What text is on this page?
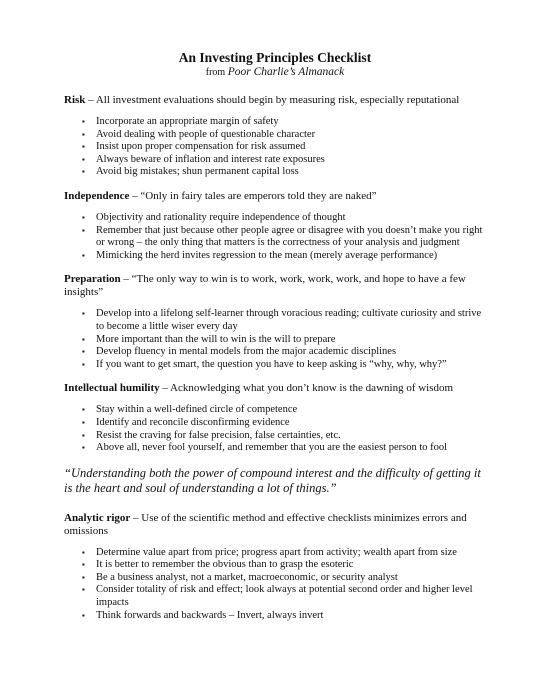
An Investing Principles Checklist
from Poor Charlie’s Almanack

Risk – All investment evaluations should begin by measuring risk, especially reputational

▪ Incorporate an appropriate margin of safety
▪ Avoid dealing with people of questionable character
▪ Insist upon proper compensation for risk assumed
▪ Always beware of inflation and interest rate exposures
▪ Avoid big mistakes; shun permanent capital loss

Independence – “Only in fairy tales are emperors told they are naked”

▪ Objectivity and rationality require independence of thought
▪ Remember that just because other people agree or disagree with you doesn’t make you right or wrong – the only thing that matters is the correctness of your analysis and judgment
▪ Mimicking the herd invites regression to the mean (merely average performance)

Preparation – “The only way to win is to work, work, work, work, and hope to have a few insights”

▪ Develop into a lifelong self-learner through voracious reading; cultivate curiosity and strive to become a little wiser every day
▪ More important than the will to win is the will to prepare
▪ Develop fluency in mental models from the major academic disciplines
▪ If you want to get smart, the question you have to keep asking is “why, why, why?”

Intellectual humility – Acknowledging what you don’t know is the dawning of wisdom

▪ Stay within a well-defined circle of competence
▪ Identify and reconcile disconfirming evidence
▪ Resist the craving for false precision, false certainties, etc.
▪ Above all, never fool yourself, and remember that you are the easiest person to fool
“Understanding both the power of compound interest and the difficulty of getting it is the heart and soul of understanding a lot of things.”

Analytic rigor – Use of the scientific method and effective checklists minimizes errors and omissions

▪ Determine value apart from price; progress apart from activity; wealth apart from size
▪ It is better to remember the obvious than to grasp the esoteric
▪ Be a business analyst, not a market, macroeconomic, or security analyst
▪ Consider totality of risk and effect; look always at potential second order and higher level impacts
▪ Think forwards and backwards – Invert, always invert
